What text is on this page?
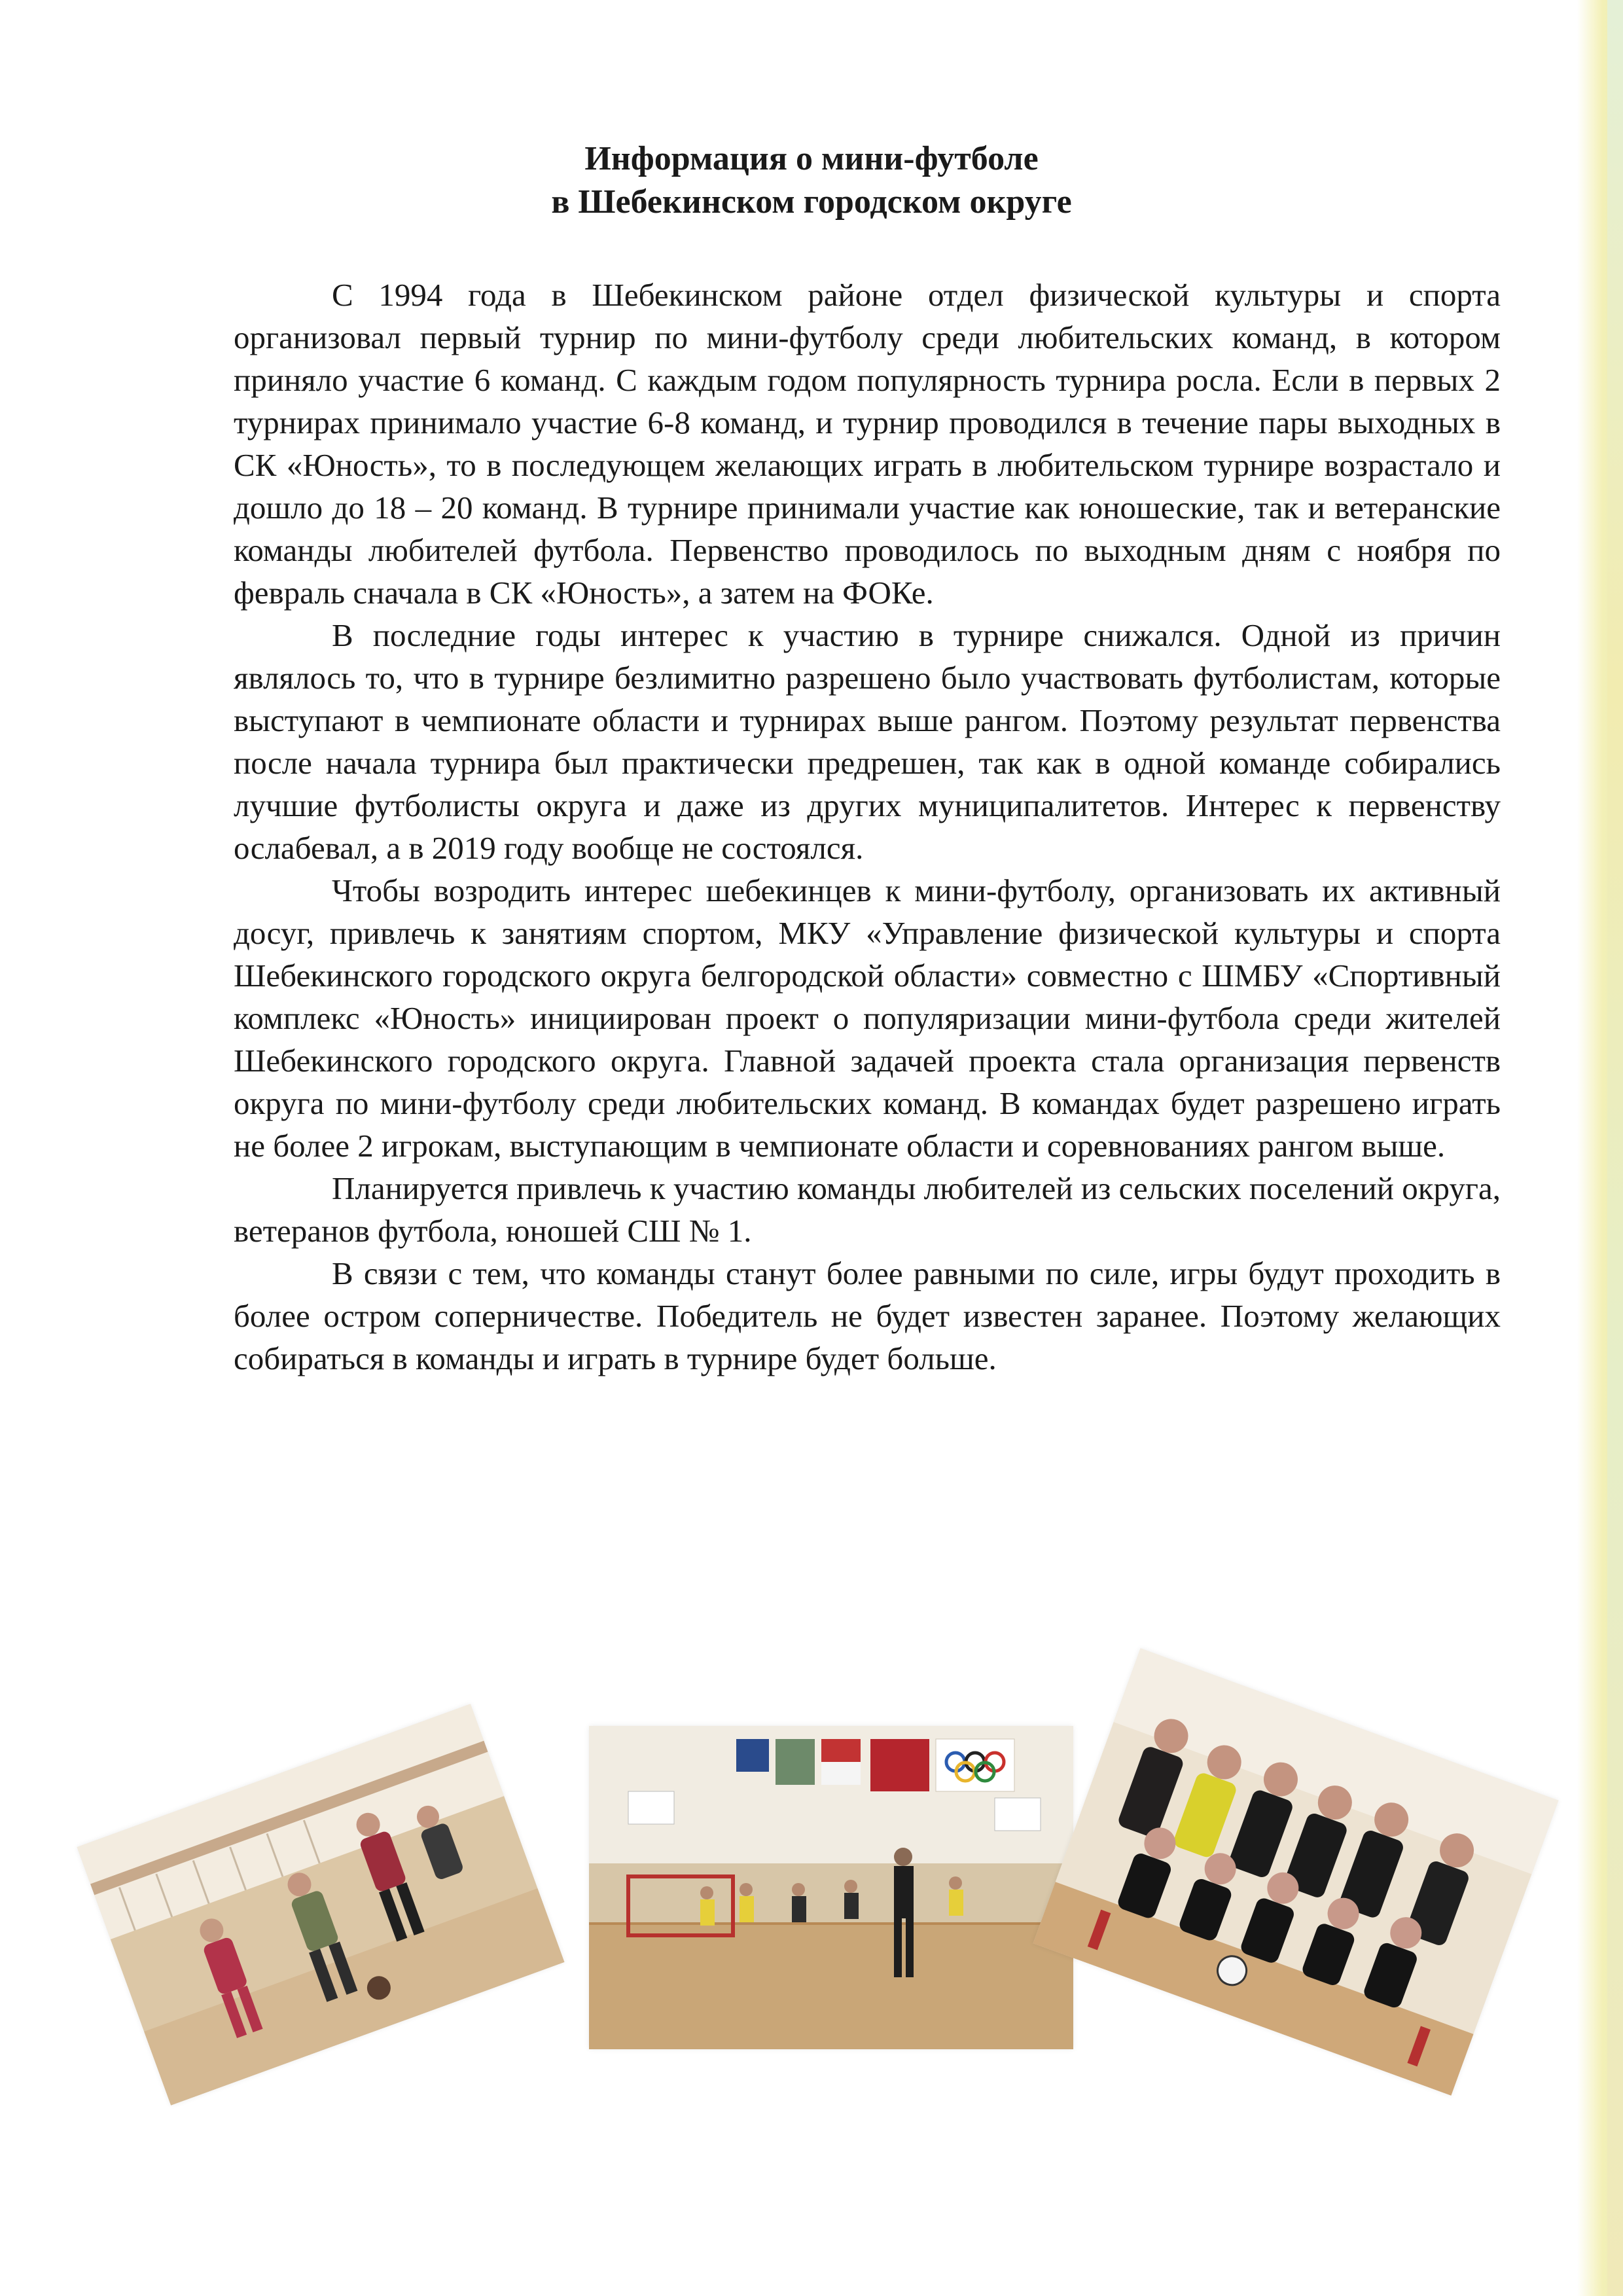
Информация о мини-футболе
в Шебекинском городском округе

С 1994 года в Шебекинском районе отдел физической культуры и спорта организовал первый турнир по мини-футболу среди любительских команд, в котором приняло участие 6 команд. С каждым годом популярность турнира росла. Если в первых 2 турнирах принимало участие 6-8 команд, и турнир проводился в течение пары выходных в СК «Юность», то в последующем желающих играть в любительском турнире возрастало и дошло до 18 – 20 команд. В турнире принимали участие как юношеские, так и ветеранские команды любителей футбола. Первенство проводилось по выходным дням с ноября по февраль сначала в СК «Юность», а затем на ФОКе.

В последние годы интерес к участию в турнире снижался. Одной из причин являлось то, что в турнире безлимитно разрешено было участвовать футболистам, которые выступают в чемпионате области и турнирах выше рангом. Поэтому результат первенства после начала турнира был практически предрешен, так как в одной команде собирались лучшие футболисты округа и даже из других муниципалитетов. Интерес к первенству ослабевал, а в 2019 году вообще не состоялся.

Чтобы возродить интерес шебекинцев к мини-футболу, организовать их активный досуг, привлечь к занятиям спортом, МКУ «Управление физической культуры и спорта Шебекинского городского округа белгородской области» совместно с ШМБУ «Спортивный комплекс «Юность» инициирован проект о популяризации мини-футбола среди жителей Шебекинского городского округа. Главной задачей проекта стала организация первенств округа по мини-футболу среди любительских команд. В командах будет разрешено играть не более 2 игрокам, выступающим в чемпионате области и соревнованиях рангом выше.

Планируется привлечь к участию команды любителей из сельских поселений округа, ветеранов футбола, юношей СШ № 1.

В связи с тем, что команды станут более равными по силе, игры будут проходить в более остром соперничестве. Победитель не будет известен заранее. Поэтому желающих собираться в команды и играть в турнире будет больше.
